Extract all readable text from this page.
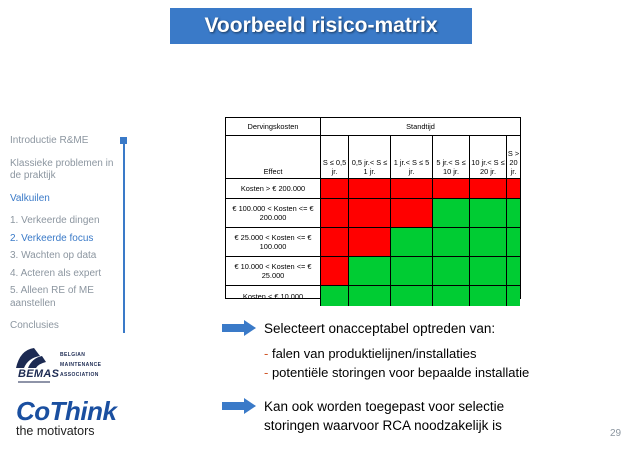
Voorbeeld risico-matrix
Introductie R&ME
Klassieke problemen in de praktijk
Valkuilen
1. Verkeerde dingen
2. Verkeerde focus
3. Wachten op data
4. Acteren als expert
5. Alleen RE of ME aanstellen
Conclusies
Dervingskosten	Standtijd
Effect
S ≤ 0,5 jr.
0,5 jr.< S ≤ 1 jr.
1 jr.< S ≤ 5 jr.
5 jr.< S ≤ 10 jr.
10 jr.< S ≤ 20 jr.
S > 20 jr.
Kosten > € 200.000
€ 100.000 < Kosten <= € 200.000
€ 25.000 < Kosten <= € 100.000
€ 10.000 < Kosten <= € 25.000
Kosten < € 10.000
Selecteert onacceptabel optreden van:
- falen van produktielijnen/installaties
- potentiële storingen voor bepaalde installatie
Kan ook worden toegepast voor selectie
storingen waarvoor RCA noodzakelijk is
BEMAS
BELGIAN
MAINTENANCE
ASSOCIATION
CoThink
the motivators	29
